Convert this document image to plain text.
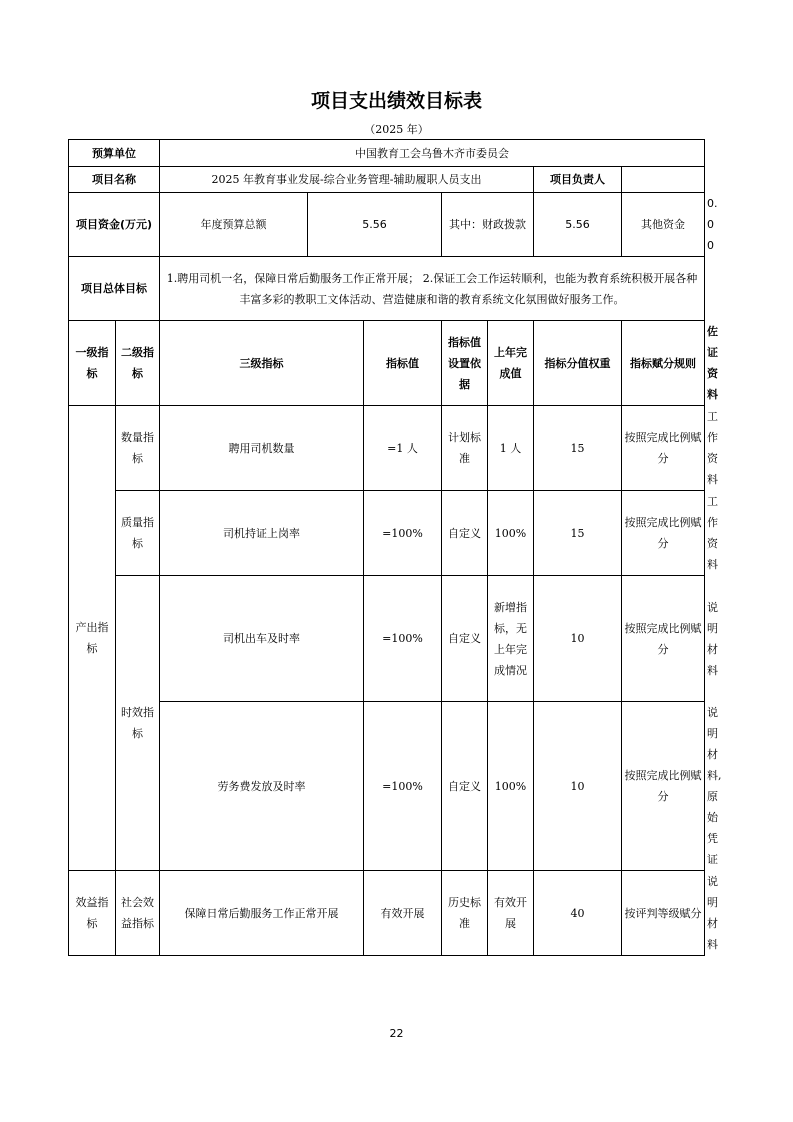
项目支出绩效目标表
（2025 年）
预算单位		中国教育工会乌鲁木齐市委员会							
项目名称		2025 年教育事业发展-综合业务管理-辅助履职人员支出					项目负责人		
项目资金(万元)		年度预算总额	5.56		其中：财政拨款		5.56	其他资金	0.00
项目总体目标		1.聘用司机一名，保障日常后勤服务工作正常开展； 2.保证工会工作运转顺利，也能为教育系统积极开展各种丰富多彩的教职工文体活动、营造健康和谐的教育系统文化氛围做好服务工作。							
一级指标	二级指标	三级指标		指标值	指标值设置依据	上年完成值	指标分值权重	指标赋分规则	佐证资料
产出指标	数量指标	聘用司机数量		=1 人	计划标准	1 人	15	按照完成比例赋分	工作资料
	质量指标	司机持证上岗率		=100%	自定义	100%	15	按照完成比例赋分	工作资料
	时效指标	司机出车及时率		=100%	自定义	新增指标，无上年完成情况	10	按照完成比例赋分	说明材料
		劳务费发放及时率		=100%	自定义	100%	10	按照完成比例赋分	说明材料, 原始凭证
效益指标	社会效益指标	保障日常后勤服务工作正常开展		有效开展	历史标准	有效开展	40	按评判等级赋分	说明材料
22
